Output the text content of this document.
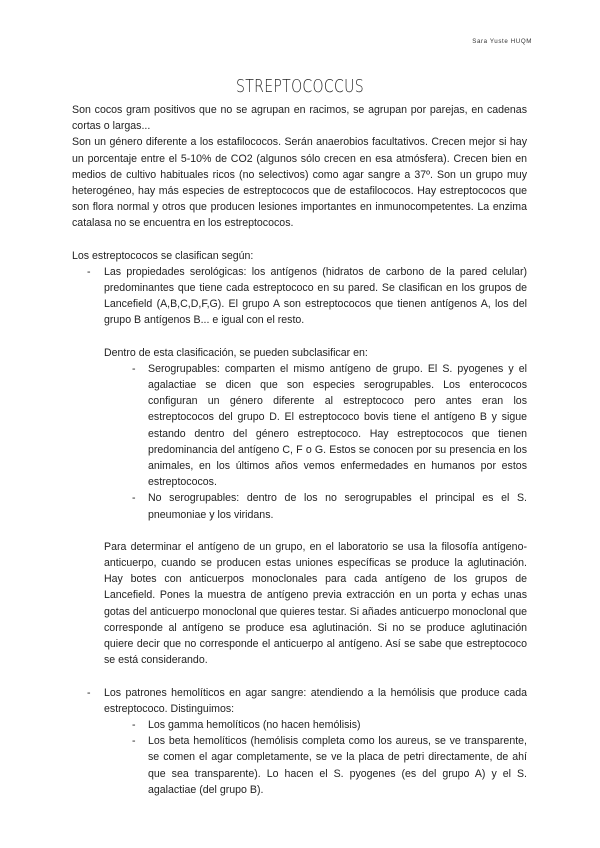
Sara Yuste HUQM
STREPTOCOCCUS

Son cocos gram positivos que no se agrupan en racimos, se agrupan por parejas, en cadenas cortas o largas...

Son un género diferente a los estafilococos. Serán anaerobios facultativos. Crecen mejor si hay un porcentaje entre el 5-10% de CO2 (algunos sólo crecen en esa atmósfera). Crecen bien en medios de cultivo habituales ricos (no selectivos) como agar sangre a 37º. Son un grupo muy heterogéneo, hay más especies de estreptococos que de estafilococos. Hay estreptococos que son flora normal y otros que producen lesiones importantes en inmunocompetentes. La enzima catalasa no se encuentra en los estreptococos.

Los estreptococos se clasifican según:

- Las propiedades serológicas: los antígenos (hidratos de carbono de la pared celular) predominantes que tiene cada estreptococo en su pared. Se clasifican en los grupos de Lancefield (A,B,C,D,F,G). El grupo A son estreptococos que tienen antígenos A, los del grupo B antígenos B... e igual con el resto.

Dentro de esta clasificación, se pueden subclasificar en:

- Serogrupables: comparten el mismo antígeno de grupo. El S. pyogenes y el agalactiae se dicen que son especies serogrupables. Los enterococos configuran un género diferente al estreptococo pero antes eran los estreptococos del grupo D. El estreptococo bovis tiene el antígeno B y sigue estando dentro del género estreptococo. Hay estreptococos que tienen predominancia del antígeno C, F o G. Estos se conocen por su presencia en los animales, en los últimos años vemos enfermedades en humanos por estos estreptococos.

- No serogrupables: dentro de los no serogrupables el principal es el S. pneumoniae y los viridans.

Para determinar el antígeno de un grupo, en el laboratorio se usa la filosofía antígeno-anticuerpo, cuando se producen estas uniones específicas se produce la aglutinación. Hay botes con anticuerpos monoclonales para cada antígeno de los grupos de Lancefield. Pones la muestra de antígeno previa extracción en un porta y echas unas gotas del anticuerpo monoclonal que quieres testar. Si añades anticuerpo monoclonal que corresponde al antígeno se produce esa aglutinación. Si no se produce aglutinación quiere decir que no corresponde el anticuerpo al antígeno. Así se sabe que estreptococo se está considerando.

- Los patrones hemolíticos en agar sangre: atendiendo a la hemólisis que produce cada estreptococo. Distinguimos:

- Los gamma hemolíticos (no hacen hemólisis)

- Los beta hemolíticos (hemólisis completa como los aureus, se ve transparente, se comen el agar completamente, se ve la placa de petri directamente, de ahí que sea transparente). Lo hacen el S. pyogenes (es del grupo A) y el S. agalactiae (del grupo B).
